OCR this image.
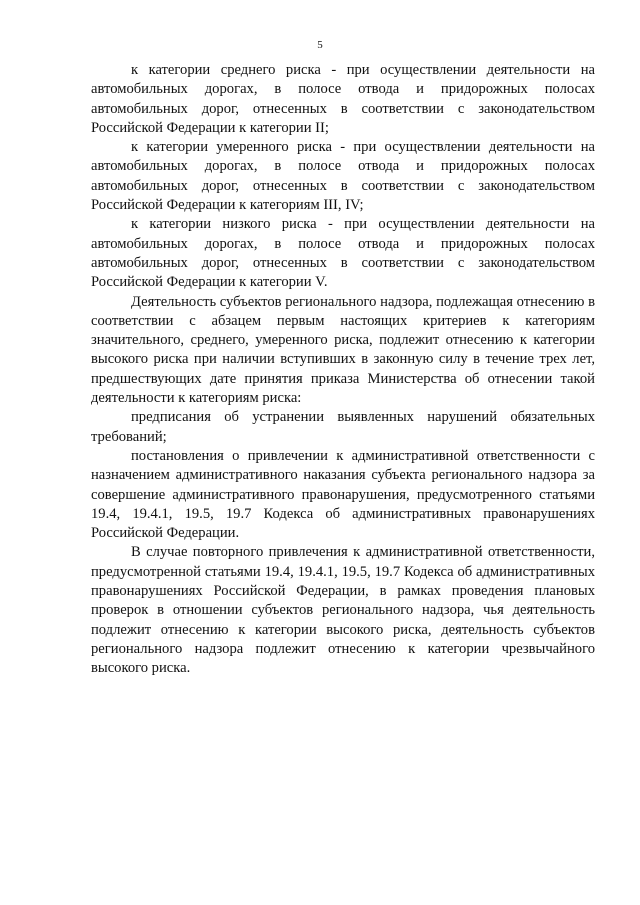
5

к категории среднего риска - при осуществлении деятельности на автомобильных дорогах, в полосе отвода и придорожных полосах автомобильных дорог, отнесенных в соответствии с законодательством Российской Федерации к категории II;

к категории умеренного риска - при осуществлении деятельности на автомобильных дорогах, в полосе отвода и придорожных полосах автомобильных дорог, отнесенных в соответствии с законодательством Российской Федерации к категориям III, IV;

к категории низкого риска - при осуществлении деятельности на автомобильных дорогах, в полосе отвода и придорожных полосах автомобильных дорог, отнесенных в соответствии с законодательством Российской Федерации к категории V.

Деятельность субъектов регионального надзора, подлежащая отнесению в соответствии с абзацем первым настоящих критериев к категориям значительного, среднего, умеренного риска, подлежит отнесению к категории высокого риска при наличии вступивших в законную силу в течение трех лет, предшествующих дате принятия приказа Министерства об отнесении такой деятельности к категориям риска:

предписания об устранении выявленных нарушений обязательных требований;

постановления о привлечении к административной ответственности с назначением административного наказания субъекта регионального надзора за совершение административного правонарушения, предусмотренного статьями 19.4, 19.4.1, 19.5, 19.7 Кодекса об административных правонарушениях Российской Федерации.

В случае повторного привлечения к административной ответственности, предусмотренной статьями 19.4, 19.4.1, 19.5, 19.7 Кодекса об административных правонарушениях Российской Федерации, в рамках проведения плановых проверок в отношении субъектов регионального надзора, чья деятельность подлежит отнесению к категории высокого риска, деятельность субъектов регионального надзора подлежит отнесению к категории чрезвычайного высокого риска.
